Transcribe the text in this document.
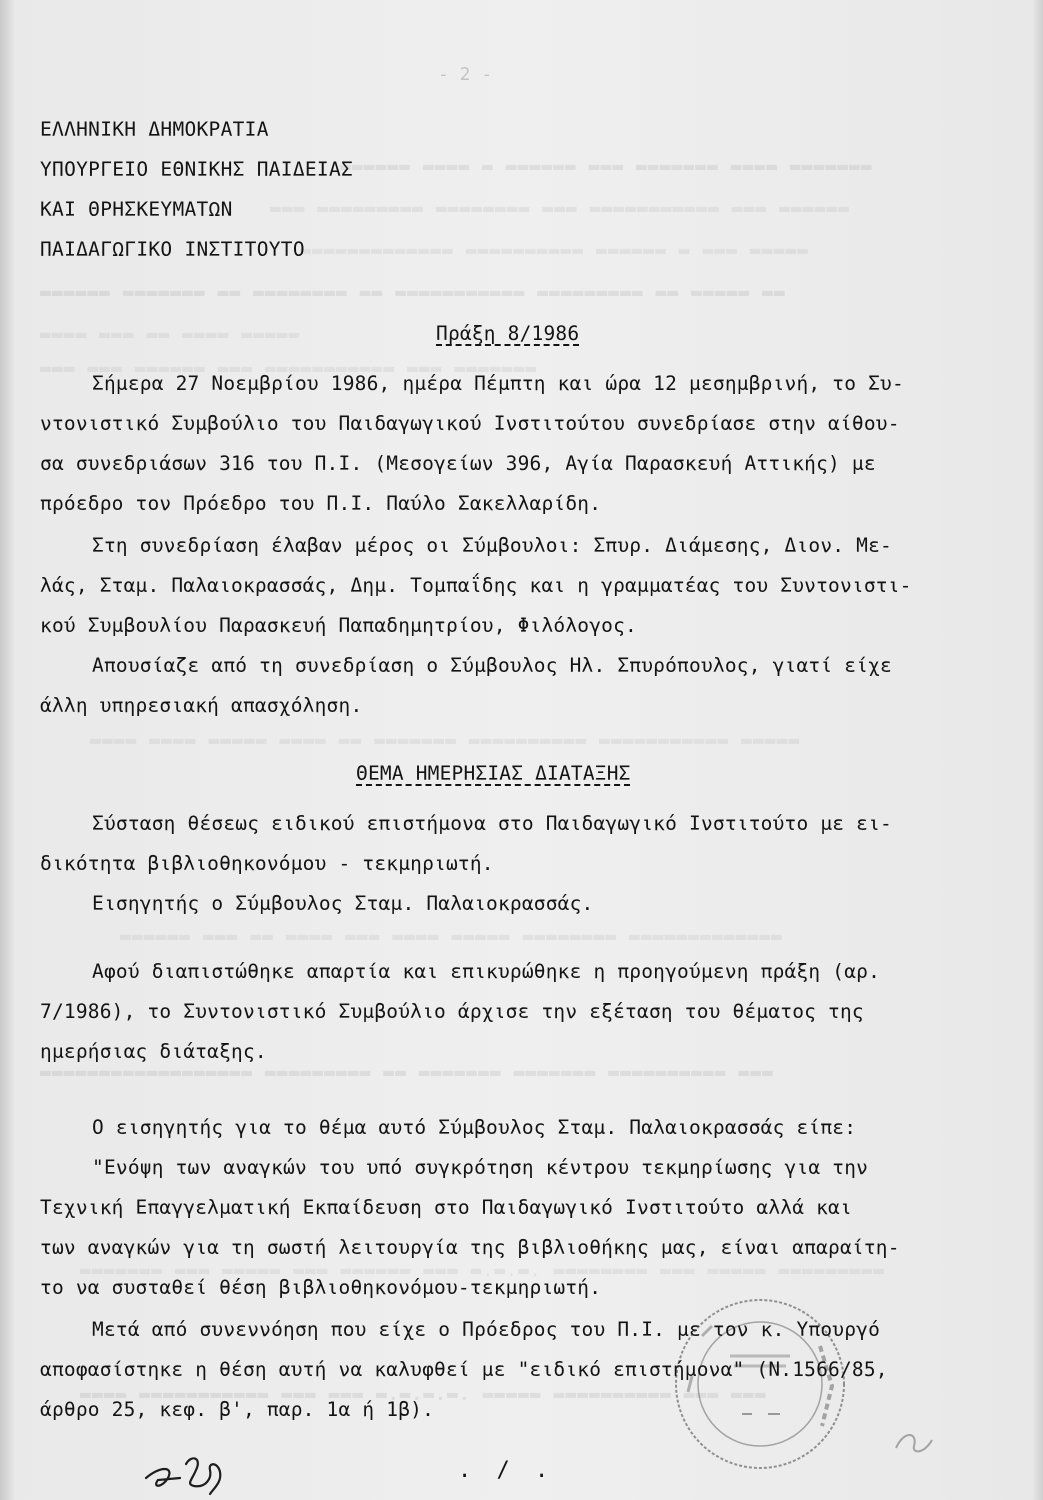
▬▬▬▬▬▬ ▬▬▬▬ ▬ ▬▬▬▬▬▬ ▬▬▬ ▬▬▬▬▬▬▬ ▬▬▬▬ ▬▬▬▬▬▬▬
▬▬▬ ▬▬▬▬▬▬▬▬▬ ▬▬▬▬▬▬▬▬ ▬▬▬ ▬▬▬▬▬▬▬▬▬▬▬ ▬▬▬ ▬▬▬▬▬▬
▬▬▬▬▬▬▬▬▬▬▬▬▬ ▬▬▬▬▬▬▬▬▬▬ ▬▬▬▬▬▬ ▬ ▬▬▬ ▬▬▬▬▬
▬▬▬▬▬▬ ▬▬▬▬▬▬▬ ▬▬ ▬▬▬▬▬▬▬▬ ▬▬ ▬▬▬▬▬▬▬▬▬▬▬ ▬▬▬▬▬▬▬▬▬ ▬▬ ▬▬▬▬▬ ▬▬
▬▬▬▬ ▬▬▬ ▬▬ ▬▬▬▬ ▬▬▬▬▬
▬▬▬ ▬▬▬ ▬▬▬▬▬▬ ▬▬▬ ▬▬▬▬▬▬▬▬▬▬▬ ▬▬▬ ▬▬▬▬▬▬▬
▬▬▬▬ ▬▬▬▬ ▬▬▬▬▬ ▬▬▬▬ ▬▬ ▬▬▬▬▬▬▬ ▬▬▬▬▬▬▬▬▬▬ ▬▬▬▬▬▬▬▬▬▬▬ ▬▬▬▬▬
▬▬▬▬▬▬ ▬▬▬ ▬▬ ▬▬▬▬ ▬▬▬ ▬▬▬▬ ▬▬▬▬▬ ▬▬▬▬▬▬▬▬ ▬▬▬▬▬▬▬▬▬▬▬▬▬
▬▬▬▬▬▬▬▬▬▬▬▬▬▬▬▬▬▬ ▬▬▬▬▬▬▬▬▬ ▬▬ ▬▬▬▬▬▬▬ ▬▬▬▬▬▬▬ ▬▬▬▬▬▬▬▬▬▬ ▬▬▬
▬▬▬▬▬▬▬ ▬▬▬ ▬▬▬▬▬ ▬▬▬ ▬▬▬▬▬▬ ▬▬▬ ▬.▬.▬. ▬▬▬▬▬▬▬▬ ▬▬▬ ▬▬▬▬▬ ▬▬▬▬▬▬▬▬▬
▬▬▬▬ ▬▬▬▬▬▬▬▬▬▬▬ ▬▬▬ ▬▬▬ ▬.▬.▬.▬. ▬▬▬▬▬ ▬▬▬▬▬▬▬▬▬▬ ▬▬▬ ▬▬▬
- 2 -
ΕΛΛΗΝΙΚΗ ΔΗΜΟΚΡΑΤΙΑ
ΥΠΟΥΡΓΕΙΟ ΕΘΝΙΚΗΣ ΠΑΙΔΕΙΑΣ
ΚΑΙ ΘΡΗΣΚΕΥΜΑΤΩΝ
ΠΑΙΔΑΓΩΓΙΚΟ ΙΝΣΤΙΤΟΥΤΟ
Πράξη 8/1986
Σήμερα 27 Νοεμβρίου 1986, ημέρα Πέμπτη και ώρα 12 μεσημβρινή, το Συ-
ντονιστικό Συμβούλιο του Παιδαγωγικού Ινστιτούτου συνεδρίασε στην αίθου-
σα συνεδριάσων 316 του Π.Ι. (Μεσογείων 396, Αγία Παρασκευή Αττικής) με
πρόεδρο τον Πρόεδρο του Π.Ι. Παύλο Σακελλαρίδη.
Στη συνεδρίαση έλαβαν μέρος οι Σύμβουλοι: Σπυρ. Διάμεσης, Διον. Με-
λάς, Σταμ. Παλαιοκρασσάς, Δημ. Τομπαΐδης και η γραμματέας του Συντονιστι-
κού Συμβουλίου Παρασκευή Παπαδημητρίου, Φιλόλογος.
Απουσίαζε από τη συνεδρίαση ο Σύμβουλος Ηλ. Σπυρόπουλος, γιατί είχε
άλλη υπηρεσιακή απασχόληση.
ΘΕΜΑ ΗΜΕΡΗΣΙΑΣ ΔΙΑΤΑΞΗΣ
Σύσταση θέσεως ειδικού επιστήμονα στο Παιδαγωγικό Ινστιτούτο με ει-
δικότητα βιβλιοθηκονόμου - τεκμηριωτή.
Εισηγητής ο Σύμβουλος Σταμ. Παλαιοκρασσάς.
Αφού διαπιστώθηκε απαρτία και επικυρώθηκε η προηγούμενη πράξη (αρ.
7/1986), το Συντονιστικό Συμβούλιο άρχισε την εξέταση του θέματος της
ημερήσιας διάταξης.
Ο εισηγητής για το θέμα αυτό Σύμβουλος Σταμ. Παλαιοκρασσάς είπε:
"Ενόψη των αναγκών του υπό συγκρότηση κέντρου τεκμηρίωσης για την
Τεχνική Επαγγελματική Εκπαίδευση στο Παιδαγωγικό Ινστιτούτο αλλά και
των αναγκών για τη σωστή λειτουργία της βιβλιοθήκης μας, είναι απαραίτη-
το να συσταθεί θέση βιβλιοθηκονόμου-τεκμηριωτή.
Μετά από συνεννόηση που είχε ο Πρόεδρος του Π.Ι. με τον κ. Υπουργό
αποφασίστηκε η θέση αυτή να καλυφθεί με "ειδικό επιστήμονα" (Ν.1566/85,
άρθρο 25, κεφ. β', παρ. 1α ή 1β).
. / .
